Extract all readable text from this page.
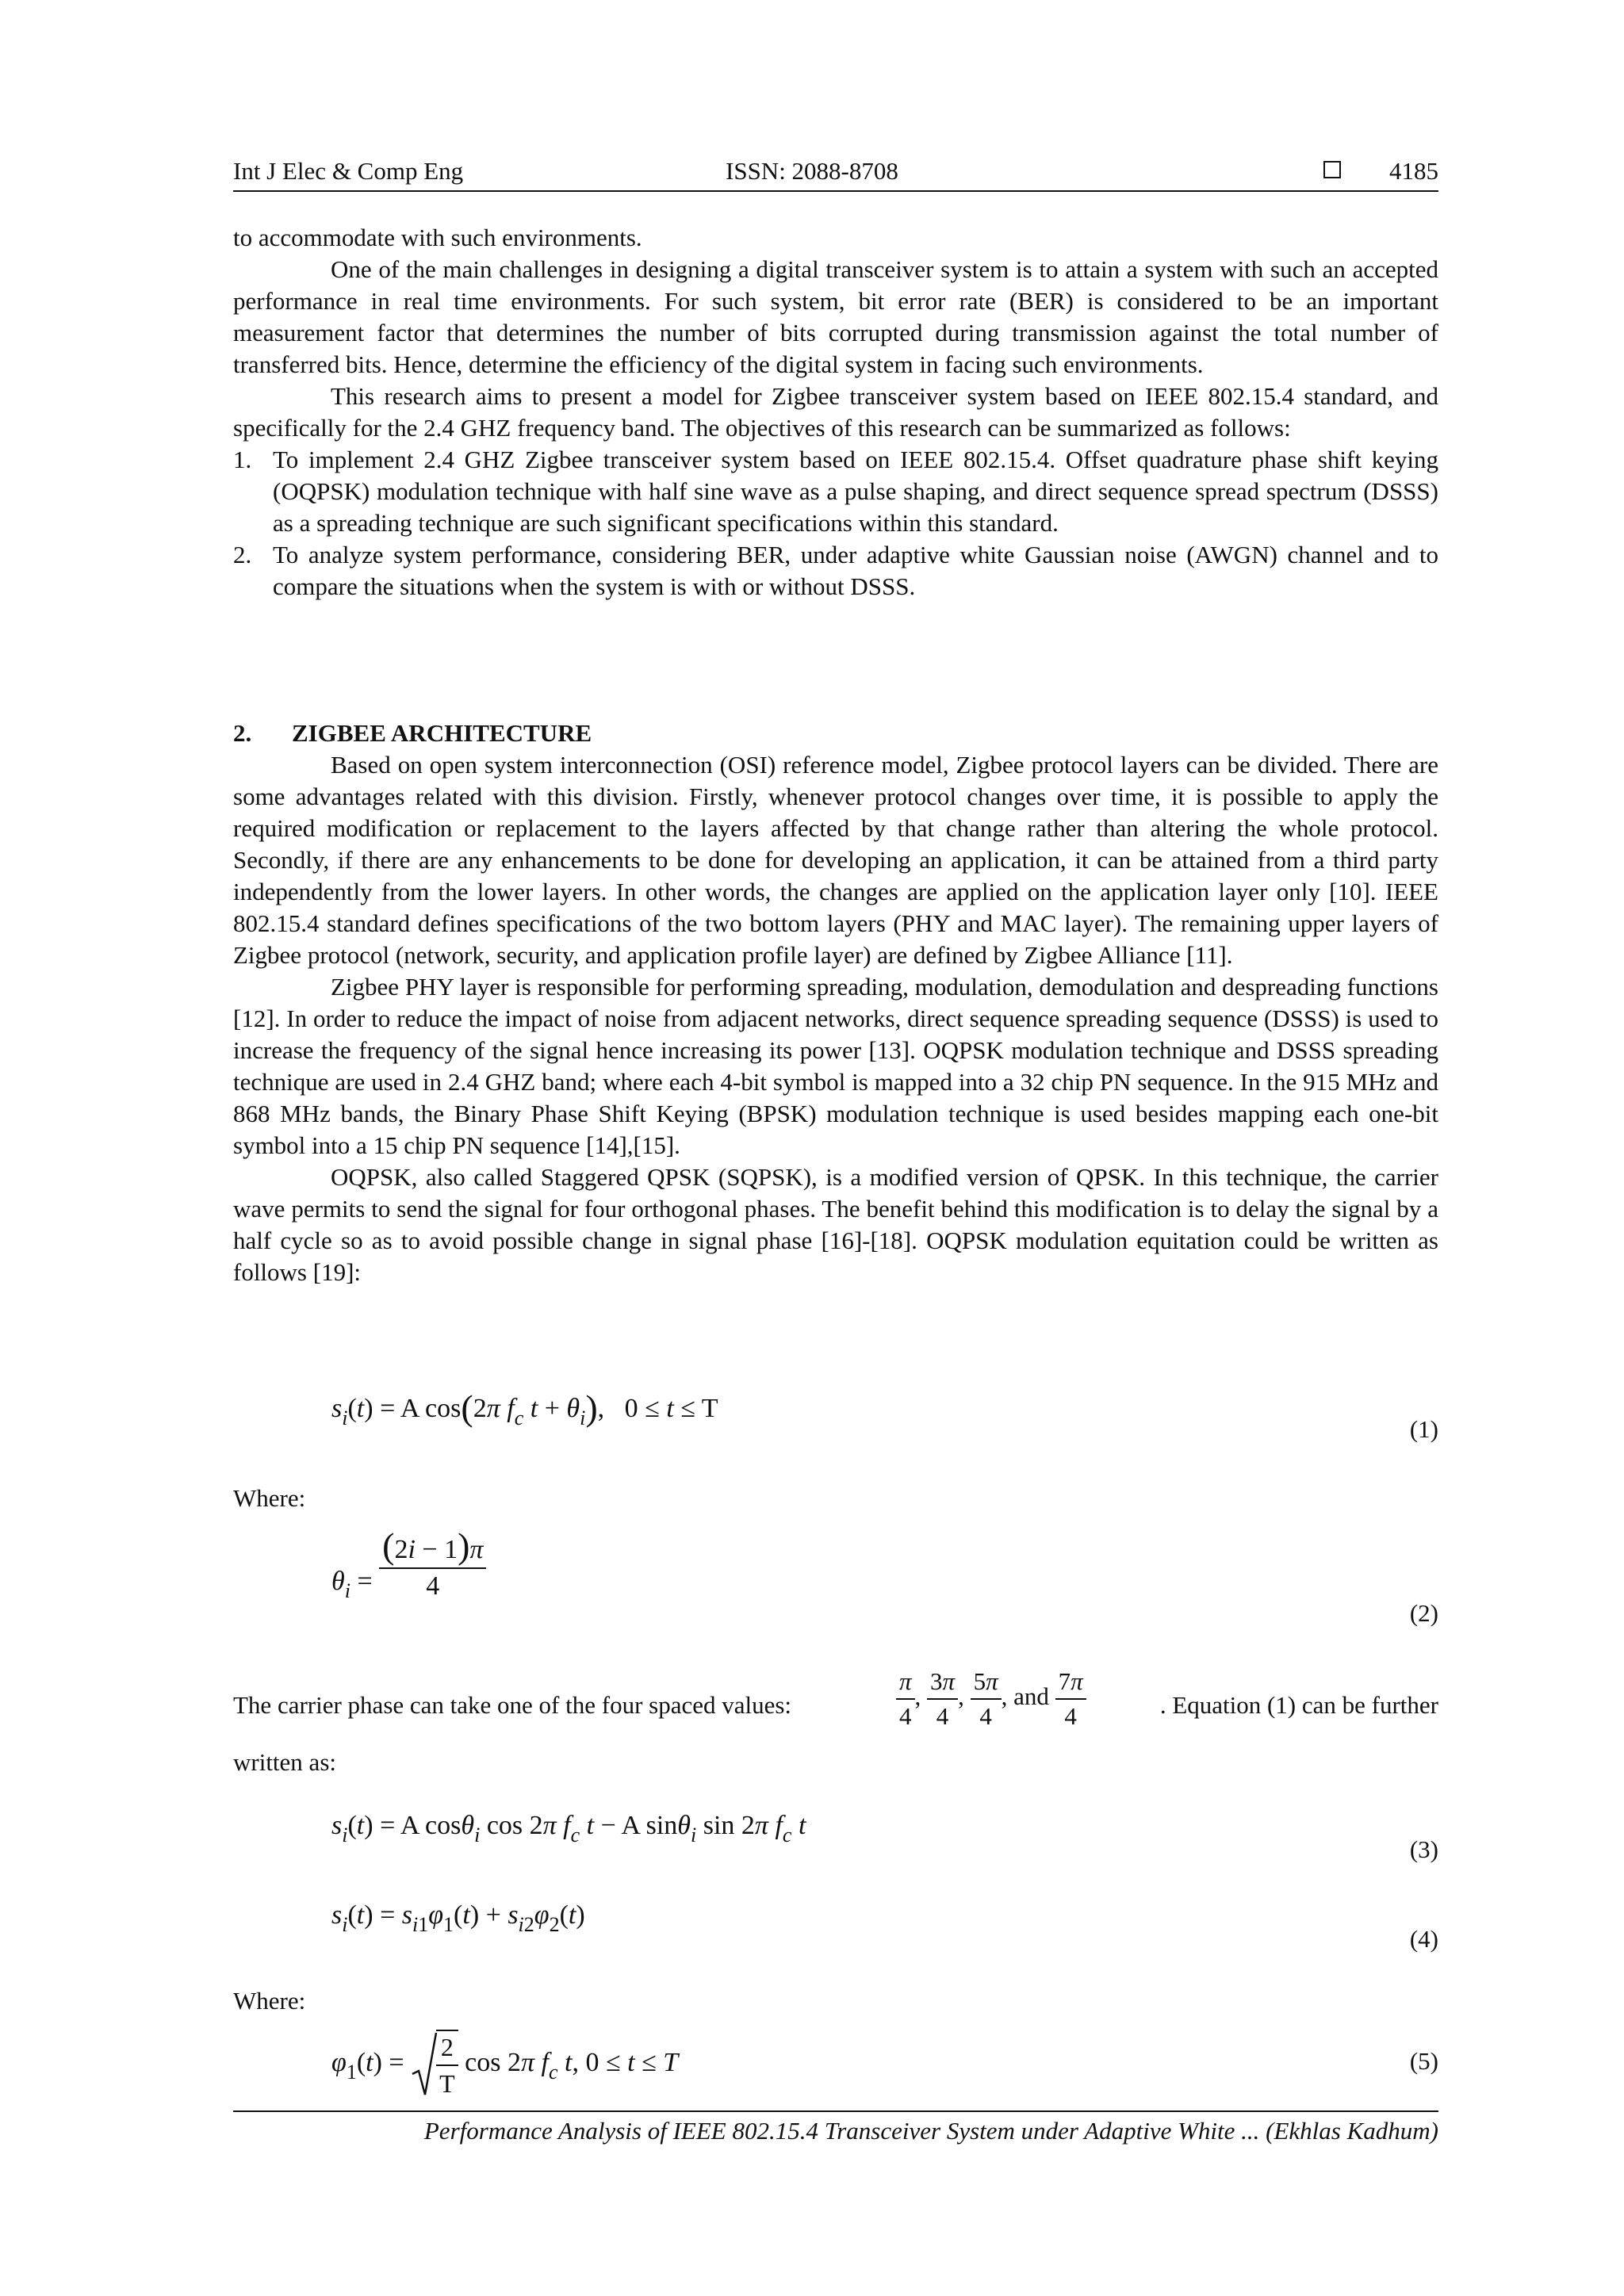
Int J Elec & Comp Eng	ISSN: 2088-8708	4185

to accommodate with such environments.

One of the main challenges in designing a digital transceiver system is to attain a system with such an accepted performance in real time environments. For such system, bit error rate (BER) is considered to be an important measurement factor that determines the number of bits corrupted during transmission against the total number of transferred bits. Hence, determine the efficiency of the digital system in facing such environments.

This research aims to present a model for Zigbee transceiver system based on IEEE 802.15.4 standard, and specifically for the 2.4 GHZ frequency band. The objectives of this research can be summarized as follows:

1. To implement 2.4 GHZ Zigbee transceiver system based on IEEE 802.15.4. Offset quadrature phase shift keying (OQPSK) modulation technique with half sine wave as a pulse shaping, and direct sequence spread spectrum (DSSS) as a spreading technique are such significant specifications within this standard.
2. To analyze system performance, considering BER, under adaptive white Gaussian noise (AWGN) channel and to compare the situations when the system is with or without DSSS.
2. ZIGBEE ARCHITECTURE

Based on open system interconnection (OSI) reference model, Zigbee protocol layers can be divided. There are some advantages related with this division. Firstly, whenever protocol changes over time, it is possible to apply the required modification or replacement to the layers affected by that change rather than altering the whole protocol. Secondly, if there are any enhancements to be done for developing an application, it can be attained from a third party independently from the lower layers. In other words, the changes are applied on the application layer only [10]. IEEE 802.15.4 standard defines specifications of the two bottom layers (PHY and MAC layer). The remaining upper layers of Zigbee protocol (network, security, and application profile layer) are defined by Zigbee Alliance [11].

Zigbee PHY layer is responsible for performing spreading, modulation, demodulation and despreading functions [12]. In order to reduce the impact of noise from adjacent networks, direct sequence spreading sequence (DSSS) is used to increase the frequency of the signal hence increasing its power [13]. OQPSK modulation technique and DSSS spreading technique are used in 2.4 GHZ band; where each 4-bit symbol is mapped into a 32 chip PN sequence. In the 915 MHz and 868 MHz bands, the Binary Phase Shift Keying (BPSK) modulation technique is used besides mapping each one-bit symbol into a 15 chip PN sequence [14],[15].

OQPSK, also called Staggered QPSK (SQPSK), is a modified version of QPSK. In this technique, the carrier wave permits to send the signal for four orthogonal phases. The benefit behind this modification is to delay the signal by a half cycle so as to avoid possible change in signal phase [16]-[18]. OQPSK modulation equitation could be written as follows [19]:

$s_i(t) = A$ cos(2π $f_c$ $t + \theta_i$),   0 ≤ t ≤ T
(1)
Where:
$\theta_i = \frac{(2i - 1)\pi}{4}$
(2)
The carrier phase can take one of the four spaced values:	$\frac{\pi}{4}$ , $\frac{3\pi}{4}$ , $\frac{5\pi}{4}$ , and $\frac{7\pi}{4}$	. Equation (1) can be further
written as:
$s_i(t) = A$ cosθ$_i$ cos 2π $f_c$ t − A sinθ$_i$ sin 2π $f_c$ t
(3)
$s_i(t) = s_{i1}\varphi_1(t) + s_{i2}\varphi_2(t)$
(4)
Where:
$\varphi_1(t) = \frac{2}{T}$ cos 2π $f_c$ t, 0 ≤ t ≤ T	(5)
Performance Analysis of IEEE 802.15.4 Transceiver System under Adaptive White ... (Ekhlas Kadhum)
